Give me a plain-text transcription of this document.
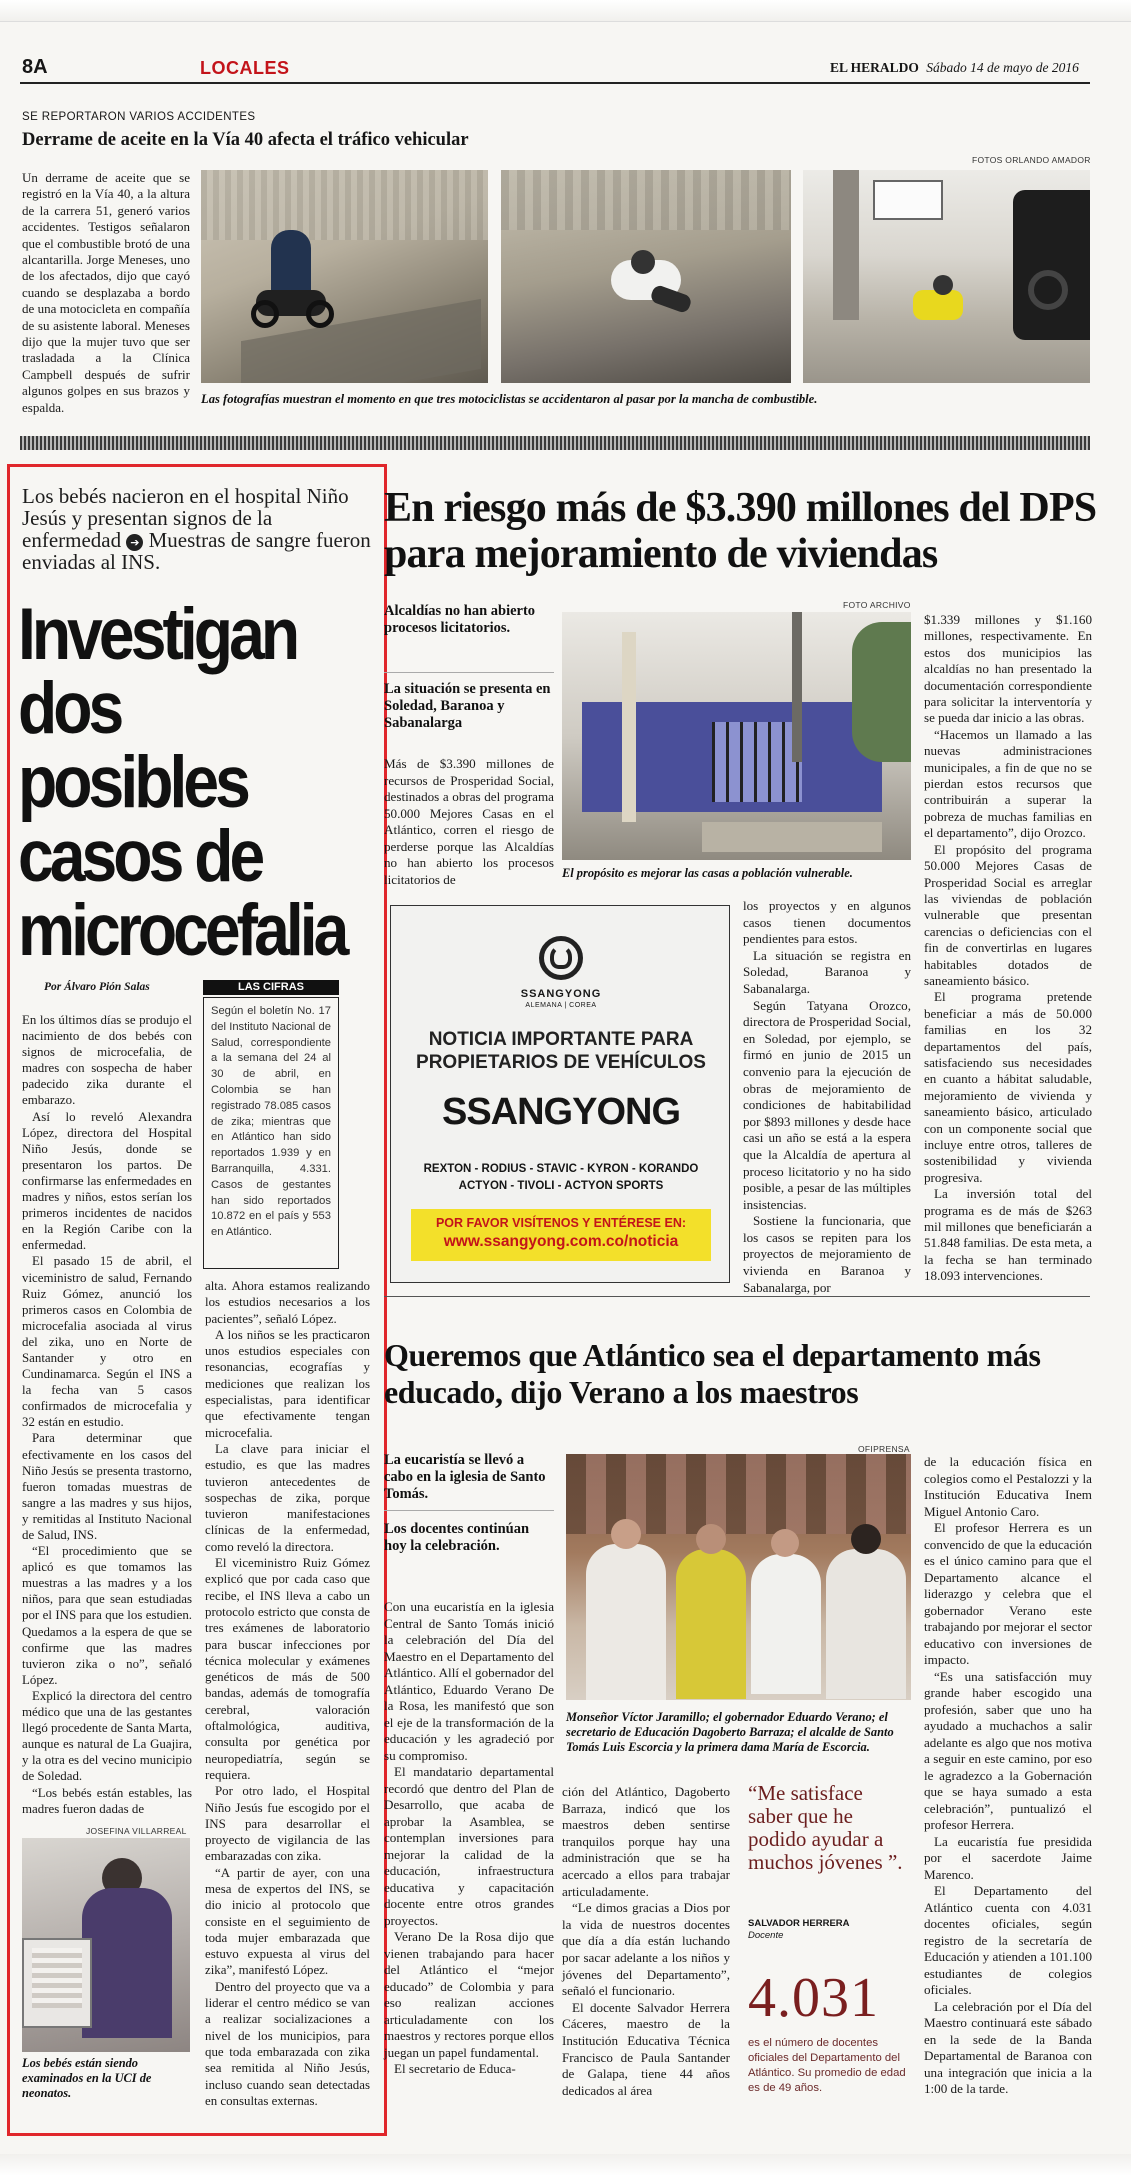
8A	LOCALES	EL HERALDO Sábado 14 de mayo de 2016
SE REPORTARON VARIOS ACCIDENTES
Derrame de aceite en la Vía 40 afecta el tráfico vehicular
FOTOS ORLANDO AMADOR
Un derrame de aceite que se registró en la Vía 40, a la altura de la carrera 51, generó varios accidentes. Testigos señalaron que el combustible brotó de una alcantarilla. Jorge Meneses, uno de los afectados, dijo que cayó cuando se desplazaba a bordo de una motocicleta en compañía de su asistente laboral. Meneses dijo que la mujer tuvo que ser trasladada a la Clínica Campbell después de sufrir algunos golpes en sus brazos y espalda.
Las fotografías muestran el momento en que tres motociclistas se accidentaron al pasar por la mancha de combustible.
Los bebés nacieron en el hospital Niño Jesús y presentan signos de la enfermedad ➔ Muestras de sangre fueron enviadas al INS.
Investigan dos posibles casos de microcefalia
Por Álvaro Pión Salas	LAS CIFRAS
Según el boletín No. 17 del Instituto Nacional de Salud, correspondiente a la semana del 24 al 30 de abril, en Colombia se han registrado 78.085 casos de zika; mientras que en Atlántico han sido reportados 1.939 y en Barranquilla, 4.331. Casos de gestantes han sido reportados 10.872 en el país y 553 en Atlántico.

En los últimos días se produjo el nacimiento de dos bebés con signos de microcefalia, de madres con sospecha de haber padecido zika durante el embarazo.

Así lo reveló Alexandra López, directora del Hospital Niño Jesús, donde se presentaron los partos. De confirmarse las enfermedades en madres y niños, estos serían los primeros incidentes de nacidos en la Región Caribe con la enfermedad.

El pasado 15 de abril, el viceministro de salud, Fernando Ruiz Gómez, anunció los primeros casos en Colombia de microcefalia asociada al virus del zika, uno en Norte de Santander y otro en Cundinamarca. Según el INS a la fecha van 5 casos confirmados de microcefalia y 32 están en estudio.

Para determinar que efectivamente en los casos del Niño Jesús se presenta trastorno, fueron tomadas muestras de sangre a las madres y sus hijos, y remitidas al Instituto Nacional de Salud, INS.

“El procedimiento que se aplicó es que tomamos las muestras a las madres y a los niños, para que sean estudiadas por el INS para que los estudien. Quedamos a la espera de que se confirme que las madres tuvieron zika o no”, señaló López.

Explicó la directora del centro médico que una de las gestantes llegó procedente de Santa Marta, aunque es natural de La Guajira, y la otra es del vecino municipio de Soledad.

“Los bebés están estables, las madres fueron dadas de

alta. Ahora estamos realizando los estudios necesarios a los pacientes”, señaló López.

A los niños se les practicaron unos estudios especiales con resonancias, ecografías y mediciones que realizan los especialistas, para identificar que efectivamente tengan microcefalia.

La clave para iniciar el estudio, es que las madres tuvieron antecedentes de sospechas de zika, porque tuvieron manifestaciones clínicas de la enfermedad, como reveló la directora.

El viceministro Ruiz Gómez explicó que por cada caso que recibe, el INS lleva a cabo un protocolo estricto que consta de tres exámenes de laboratorio para buscar infecciones por técnica molecular y exámenes genéticos de más de 500 bandas, además de tomografía cerebral, valoración oftalmológica, auditiva, consulta por genética por neuropediatría, según se requiera.

Por otro lado, el Hospital Niño Jesús fue escogido por el INS para desarrollar el proyecto de vigilancia de las embarazadas con zika.

“A partir de ayer, con una mesa de expertos del INS, se dio inicio al protocolo que consiste en el seguimiento de toda mujer embarazada que estuvo expuesta al virus del zika”, manifestó López.

Dentro del proyecto que va a liderar el centro médico se van a realizar socializaciones a nivel de los municipios, para que toda embarazada con zika sea remitida al Niño Jesús, incluso cuando sean detectadas en consultas externas.

JOSEFINA VILLARREAL
Los bebés están siendo examinados en la UCI de neonatos.
En riesgo más de $3.390 millones del DPS para mejoramiento de viviendas
Alcaldías no han abierto procesos licitatorios.
La situación se presenta en Soledad, Baranoa y Sabanalarga

Más de $3.390 millones de recursos de Prosperidad Social, destinados a obras del programa 50.000 Mejores Casas en el Atlántico, corren el riesgo de perderse porque las Alcaldías no han abierto los procesos licitatorios de

FOTO ARCHIVO
El propósito es mejorar las casas a población vulnerable.

los proyectos y en algunos casos tienen documentos pendientes para estos.

La situación se registra en Soledad, Baranoa y Sabanalarga.

Según Tatyana Orozco, directora de Prosperidad Social, en Soledad, por ejemplo, se firmó en junio de 2015 un convenio para la ejecución de obras de mejoramiento de condiciones de habitabilidad por $893 millones y desde hace casi un año se está a la espera que la Alcaldía de apertura al proceso licitatorio y no ha sido posible, a pesar de las múltiples insistencias.

Sostiene la funcionaria, que los casos se repiten para los proyectos de mejoramiento de vivienda en Baranoa y Sabanalarga, por

$1.339 millones y $1.160 millones, respectivamente. En estos dos municipios las alcaldías no han presentado la documentación correspondiente para solicitar la interventoría y se pueda dar inicio a las obras.

“Hacemos un llamado a las nuevas administraciones municipales, a fin de que no se pierdan estos recursos que contribuirán a superar la pobreza de muchas familias en el departamento”, dijo Orozco.

El propósito del programa 50.000 Mejores Casas de Prosperidad Social es arreglar las viviendas de población vulnerable que presentan carencias o deficiencias con el fin de convertirlas en lugares habitables dotados de saneamiento básico.

El programa pretende beneficiar a más de 50.000 familias en los 32 departamentos del país, satisfaciendo sus necesidades en cuanto a hábitat saludable, mejoramiento de vivienda y saneamiento básico, articulado con un componente social que incluye entre otros, talleres de sostenibilidad y vivienda progresiva.

La inversión total del programa es de más de $263 mil millones que beneficiarán a 51.848 familias. De esta meta, a la fecha se han terminado 18.093 intervenciones.

SSANGYONG
ALEMANA | COREA
NOTICIA IMPORTANTE PARA PROPIETARIOS DE VEHÍCULOS
SSANGYONG
REXTON - RODIUS - STAVIC - KYRON - KORANDO
ACTYON - TIVOLI - ACTYON SPORTS
POR FAVOR VISÍTENOS Y ENTÉRESE EN:
www.ssangyong.com.co/noticia
Queremos que Atlántico sea el departamento más educado, dijo Verano a los maestros
La eucaristía se llevó a cabo en la iglesia de Santo Tomás.
Los docentes continúan hoy la celebración.

Con una eucaristía en la iglesia Central de Santo Tomás inició la celebración del Día del Maestro en el Departamento del Atlántico. Allí el gobernador del Atlántico, Eduardo Verano De la Rosa, les manifestó que son el eje de la transformación de la educación y les agradeció por su compromiso.

El mandatario departamental recordó que dentro del Plan de Desarrollo, que acaba de aprobar la Asamblea, se contemplan inversiones para mejorar la calidad de la educación, infraestructura educativa y capacitación docente entre otros grandes proyectos.

Verano De la Rosa dijo que vienen trabajando para hacer del Atlántico el “mejor educado” de Colombia y para eso realizan acciones articuladamente con los maestros y rectores porque ellos juegan un papel fundamental.

El secretario de Educa-

OFIPRENSA
Monseñor Víctor Jaramillo; el gobernador Eduardo Verano; el secretario de Educación Dagoberto Barraza; el alcalde de Santo Tomás Luis Escorcia y la primera dama María de Escorcia.

ción del Atlántico, Dagoberto Barraza, indicó que los maestros deben sentirse tranquilos porque hay una administración que se ha acercado a ellos para trabajar articuladamente.

“Le dimos gracias a Dios por la vida de nuestros docentes que día a día están luchando por sacar adelante a los niños y jóvenes del Departamento”, señaló el funcionario.

El docente Salvador Herrera Cáceres, maestro de la Institución Educativa Técnica Francisco de Paula Santander de Galapa, tiene 44 años dedicados al área

“Me satisface saber que he podido ayudar a muchos jóvenes ”.
SALVADOR HERRERA
Docente
4.031
es el número de docentes oficiales del Departamento del Atlántico. Su promedio de edad es de 49 años.

de la educación física en colegios como el Pestalozzi y la Institución Educativa Inem Miguel Antonio Caro.

El profesor Herrera es un convencido de que la educación es el único camino para que el Departamento alcance el liderazgo y celebra que el gobernador Verano este trabajando por mejorar el sector educativo con inversiones de impacto.

“Es una satisfacción muy grande haber escogido una profesión, saber que uno ha ayudado a muchachos a salir adelante es algo que nos motiva a seguir en este camino, por eso le agradezco a la Gobernación que se haya sumado a esta celebración”, puntualizó el profesor Herrera.

La eucaristía fue presidida por el sacerdote Jaime Marenco.

El Departamento del Atlántico cuenta con 4.031 docentes oficiales, según registro de la secretaría de Educación y atienden a 101.100 estudiantes de colegios oficiales.

La celebración por el Día del Maestro continuará este sábado en la sede de la Banda Departamental de Baranoa con una integración que inicia a la 1:00 de la tarde.
